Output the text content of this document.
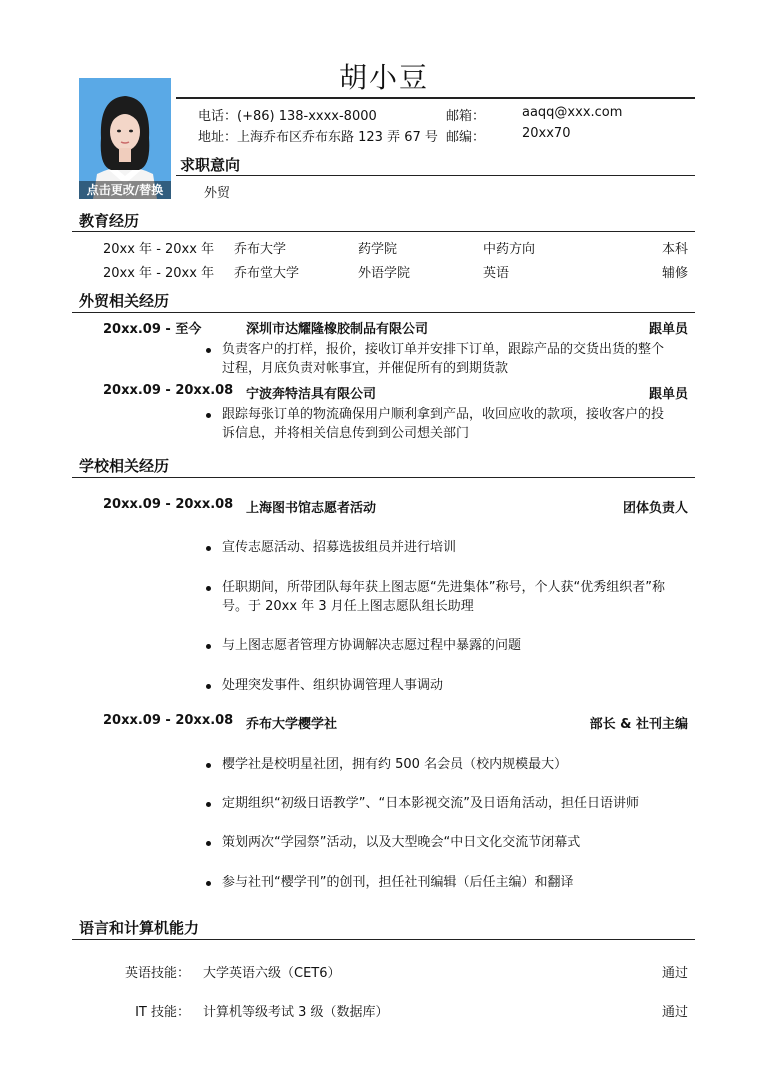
胡小豆
点击更改/替换
电话：(+86) 138-xxxx-8000	邮箱：	aaqq@xxx.com
地址：上海乔布区乔布东路 123 弄 67 号 邮编：	20xx70
求职意向
外贸
教育经历
20xx 年 - 20xx 年 乔布大学	药学院	中药方向	本科
20xx 年 - 20xx 年 乔布堂大学	外语学院	英语	辅修
外贸相关经历
20xx.09 - 至今	深圳市达耀隆橡胶制品有限公司	跟单员
负责客户的打样，报价，接收订单并安排下订单，跟踪产品的交货出货的整个
过程，月底负责对帐事宜，并催促所有的到期货款
20xx.09 - 20xx.08 宁波奔特洁具有限公司	跟单员
跟踪每张订单的物流确保用户顺利拿到产品，收回应收的款项，接收客户的投
诉信息，并将相关信息传到到公司想关部门
学校相关经历
20xx.09 - 20xx.08 上海图书馆志愿者活动	团体负责人
宣传志愿活动、招募选拔组员并进行培训
任职期间，所带团队每年获上图志愿“先进集体”称号，个人获“优秀组织者”称
号。于 20xx 年 3 月任上图志愿队组长助理
与上图志愿者管理方协调解决志愿过程中暴露的问题
处理突发事件、组织协调管理人事调动
20xx.09 - 20xx.08 乔布大学樱学社	部长 & 社刊主编
樱学社是校明星社团，拥有约 500 名会员（校内规模最大）
定期组织“初级日语教学”、“日本影视交流”及日语角活动，担任日语讲师
策划两次“学园祭”活动，以及大型晚会“中日文化交流节闭幕式
参与社刊“樱学刊”的创刊，担任社刊编辑（后任主编）和翻译
语言和计算机能力
英语技能： 大学英语六级（CET6）	通过
IT 技能： 计算机等级考试 3 级（数据库）	通过
